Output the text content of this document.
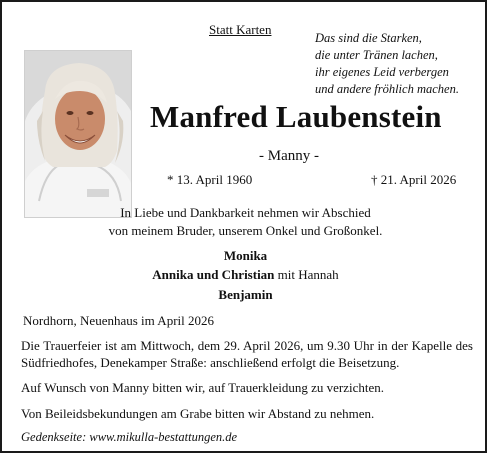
Statt Karten
Das sind die Starken,
die unter Tränen lachen,
ihr eigenes Leid verbergen
und andere fröhlich machen.
Manfred Laubenstein
- Manny -
* 13. April 1960	† 21. April 2026
In Liebe und Dankbarkeit nehmen wir Abschied
von meinem Bruder, unserem Onkel und Großonkel.
Monika
Annika und Christian mit Hannah
Benjamin
Nordhorn, Neuenhaus im April 2026
Die Trauerfeier ist am Mittwoch, dem 29. April 2026, um 9.30 Uhr in der Kapelle des Südfriedhofes, Denekamper Straße: anschließend erfolgt die Beisetzung.
Auf Wunsch von Manny bitten wir, auf Trauerkleidung zu verzichten.
Von Beileidsbekundungen am Grabe bitten wir Abstand zu nehmen.
Gedenkseite: www.mikulla-bestattungen.de
